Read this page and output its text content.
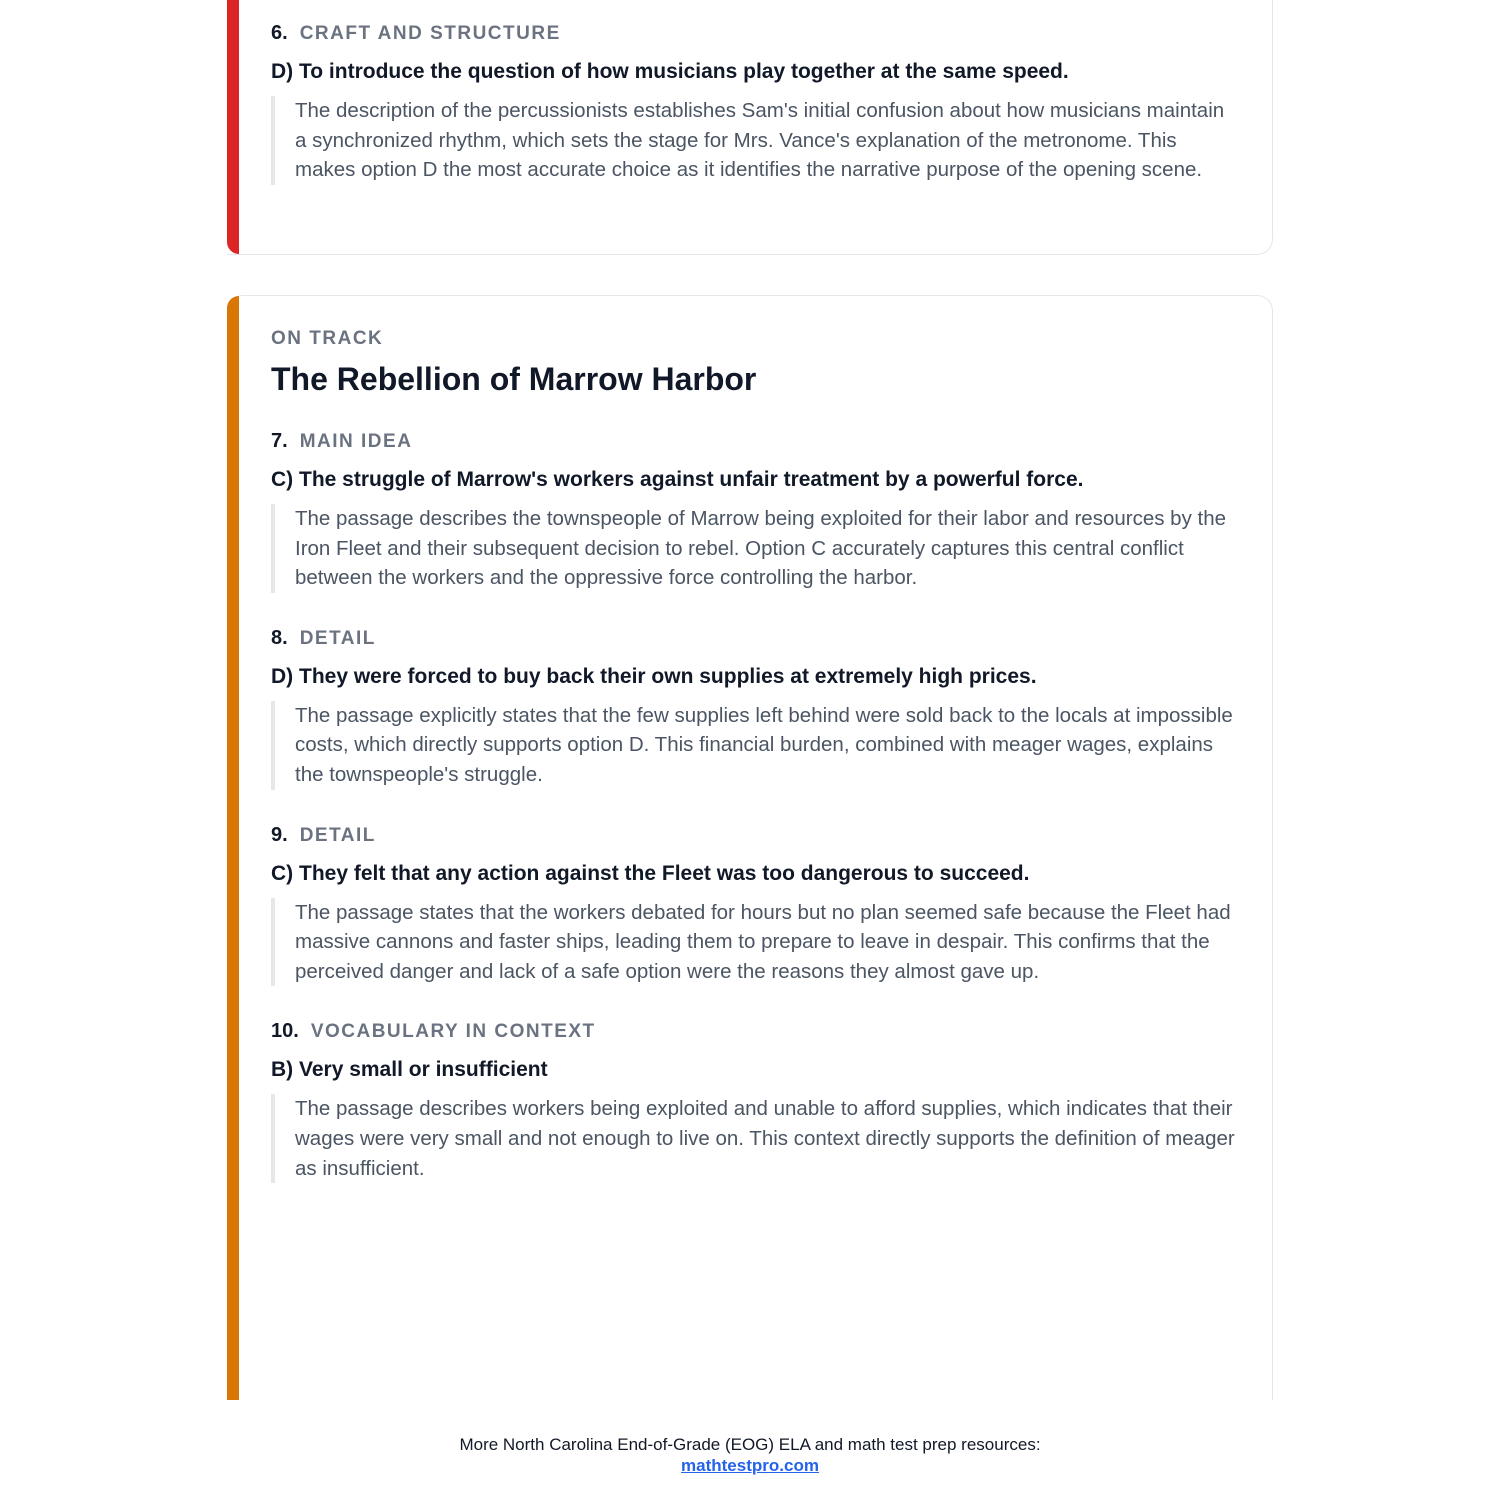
6. CRAFT AND STRUCTURE
D) To introduce the question of how musicians play together at the same speed.
The description of the percussionists establishes Sam's initial confusion about how musicians maintain a synchronized rhythm, which sets the stage for Mrs. Vance's explanation of the metronome. This makes option D the most accurate choice as it identifies the narrative purpose of the opening scene.

ON TRACK

The Rebellion of Marrow Harbor
7. MAIN IDEA
C) The struggle of Marrow's workers against unfair treatment by a powerful force.
The passage describes the townspeople of Marrow being exploited for their labor and resources by the Iron Fleet and their subsequent decision to rebel. Option C accurately captures this central conflict between the workers and the oppressive force controlling the harbor.
8. DETAIL
D) They were forced to buy back their own supplies at extremely high prices.
The passage explicitly states that the few supplies left behind were sold back to the locals at impossible costs, which directly supports option D. This financial burden, combined with meager wages, explains the townspeople's struggle.
9. DETAIL
C) They felt that any action against the Fleet was too dangerous to succeed.
The passage states that the workers debated for hours but no plan seemed safe because the Fleet had massive cannons and faster ships, leading them to prepare to leave in despair. This confirms that the perceived danger and lack of a safe option were the reasons they almost gave up.
10. VOCABULARY IN CONTEXT
B) Very small or insufficient
The passage describes workers being exploited and unable to afford supplies, which indicates that their wages were very small and not enough to live on. This context directly supports the definition of meager as insufficient.
More North Carolina End-of-Grade (EOG) ELA and math test prep resources:
mathtestpro.com
